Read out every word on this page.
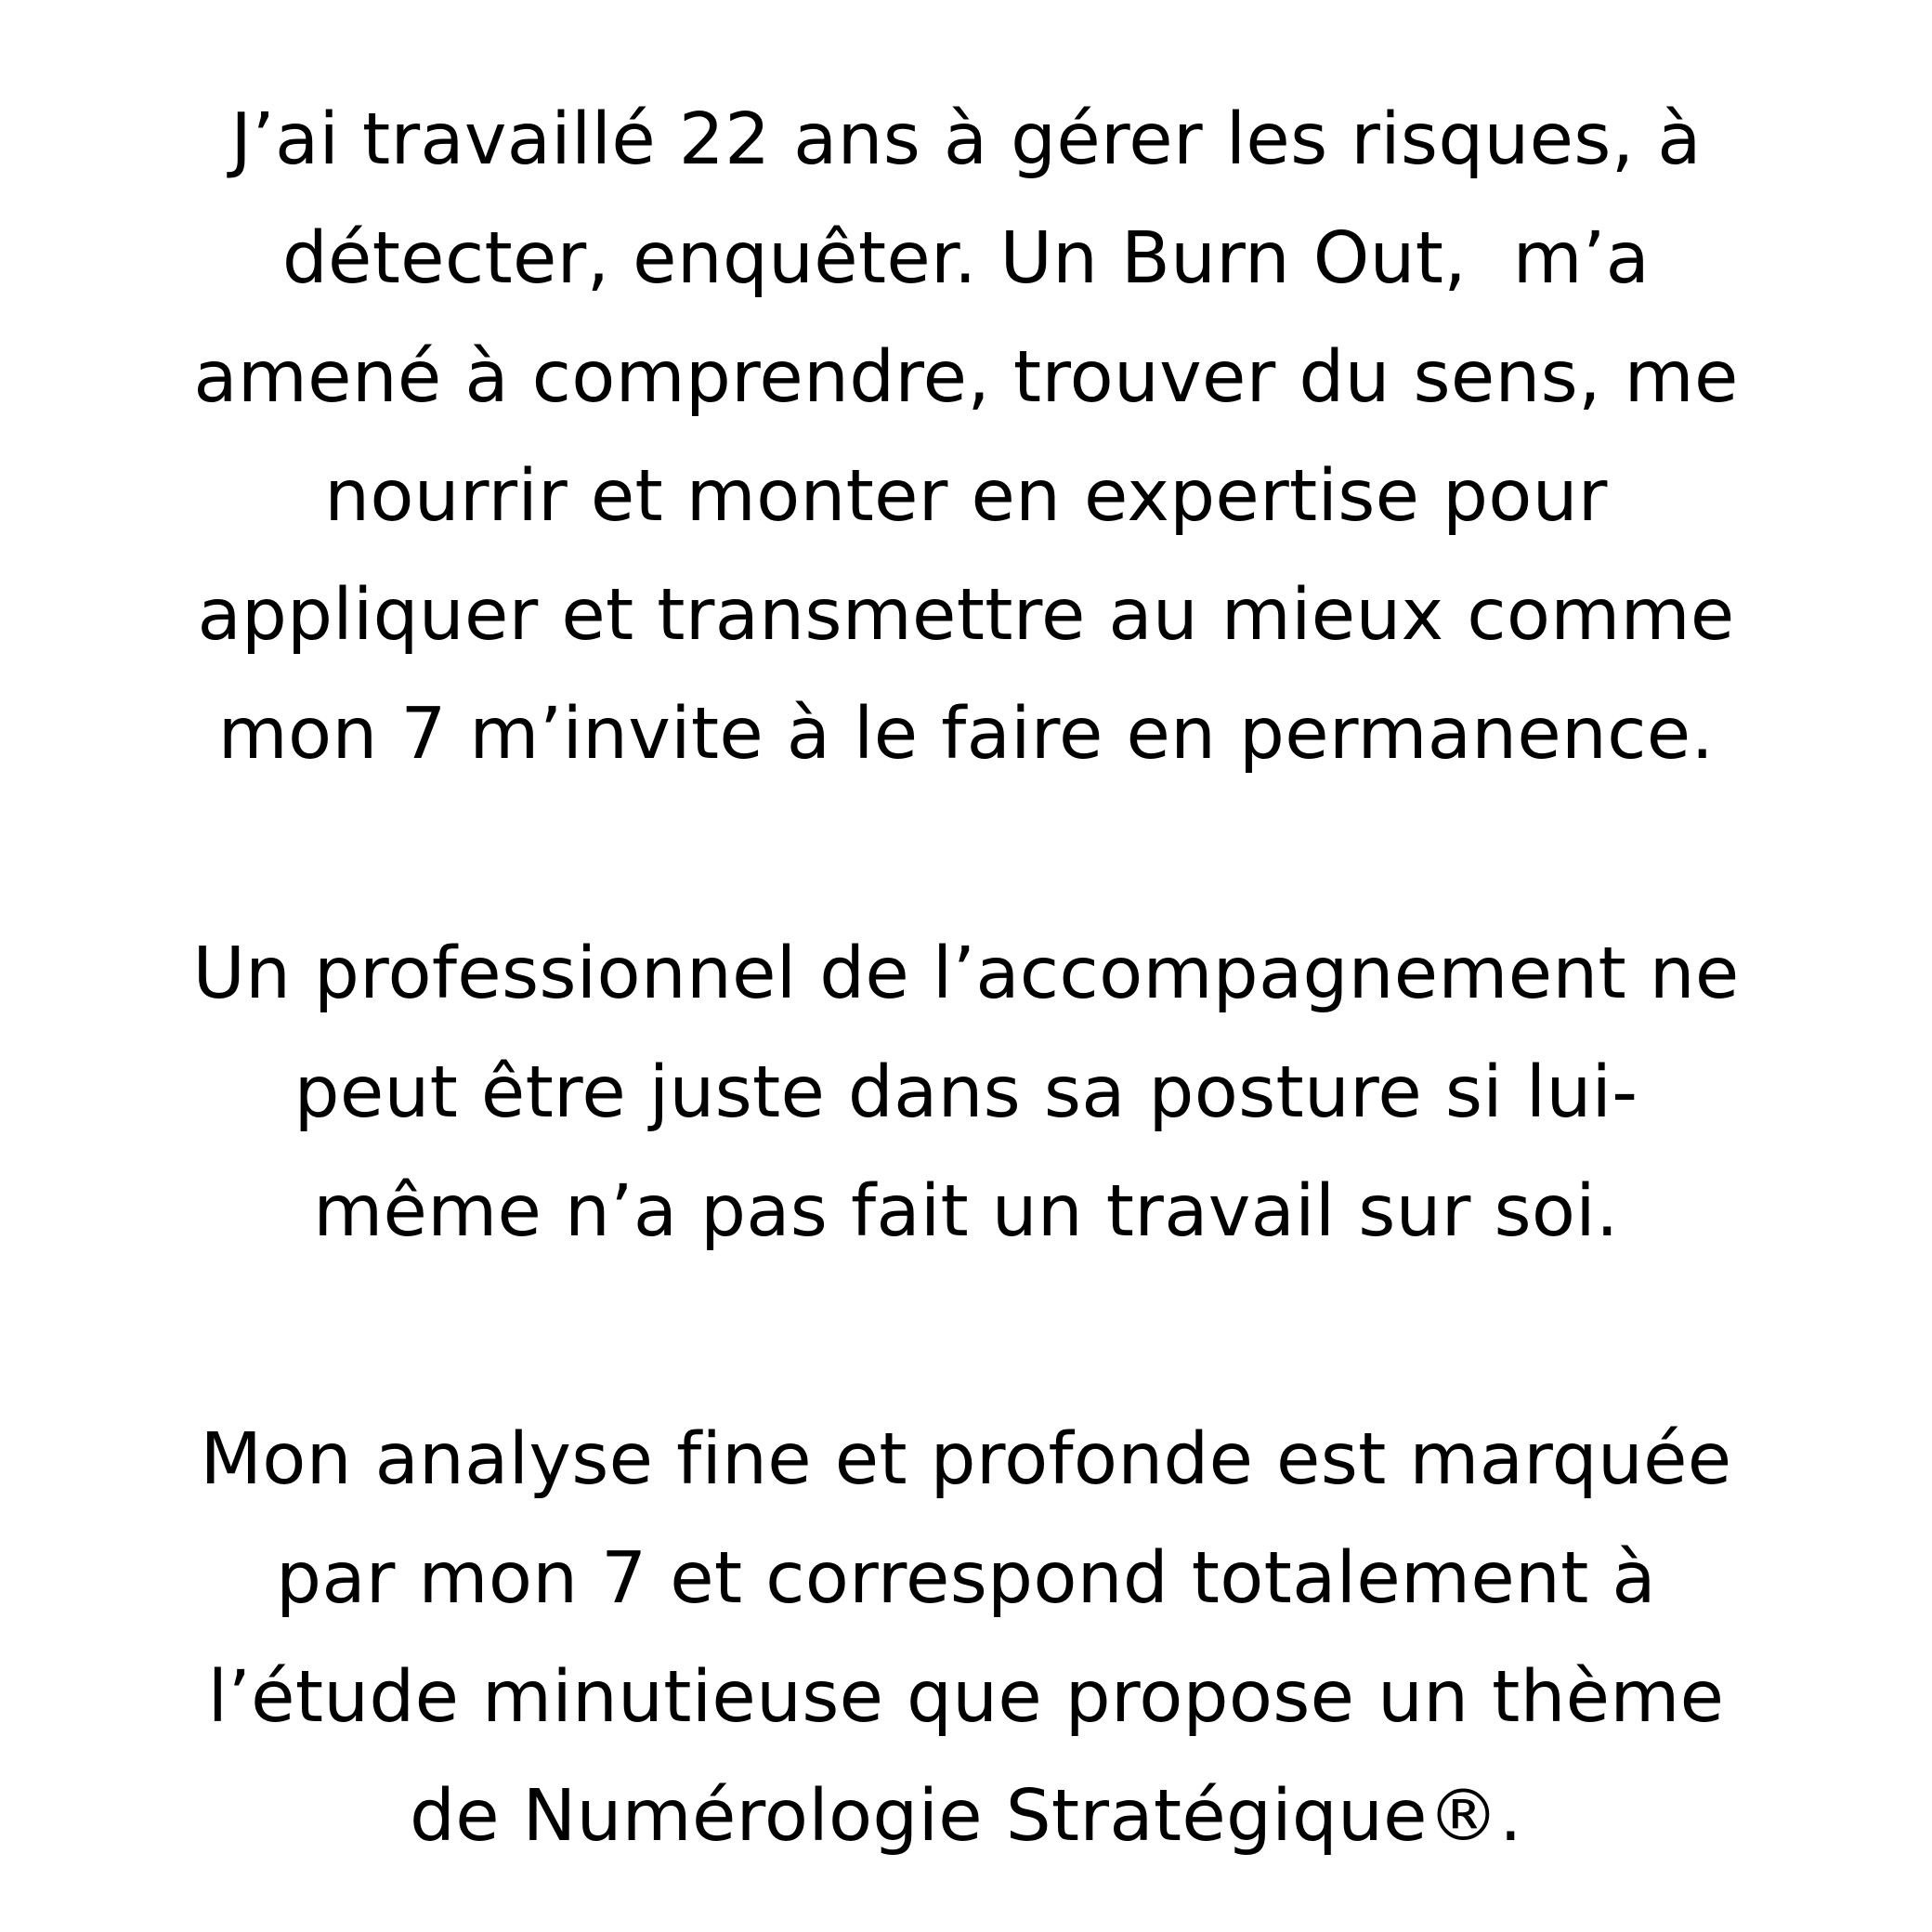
J’ai travaillé 22 ans à gérer les risques, à
détecter, enquêter. Un Burn Out,  m’a
amené à comprendre, trouver du sens, me
nourrir et monter en expertise pour
appliquer et transmettre au mieux comme
mon 7 m’invite à le faire en permanence.
Un professionnel de l’accompagnement ne
peut être juste dans sa posture si lui-
même n’a pas fait un travail sur soi.
Mon analyse fine et profonde est marquée
par mon 7 et correspond totalement à
l’étude minutieuse que propose un thème
de Numérologie Stratégique®.
